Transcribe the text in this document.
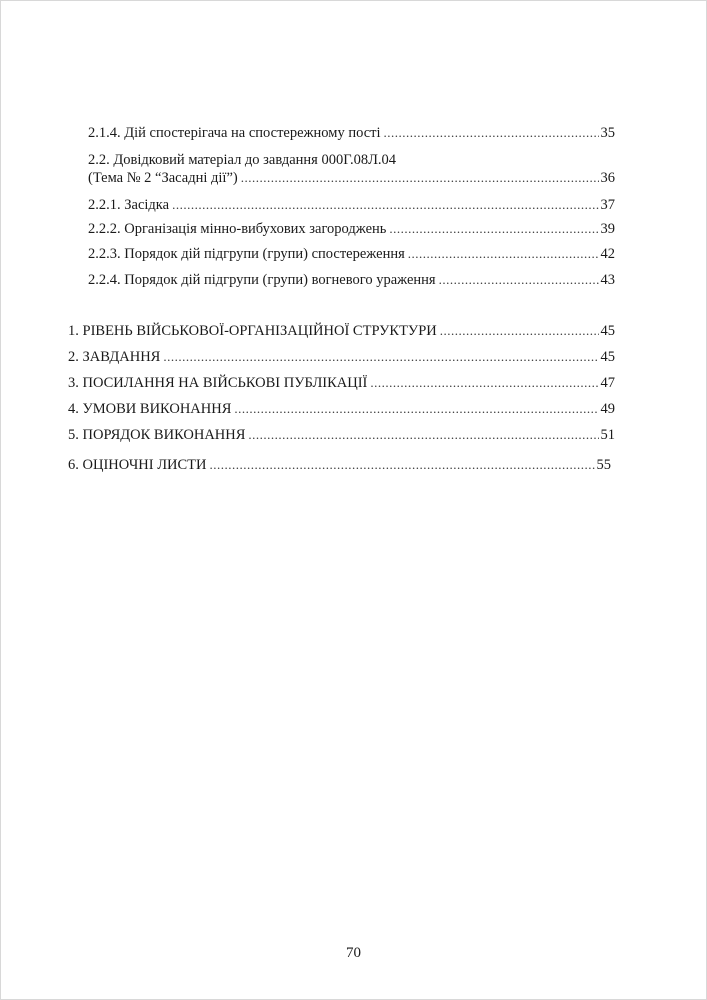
2.1.4. Дій спостерігача на спостережному пості .....	35
2.2. Довідковий матеріал до завдання 000Г.08Л.04
(Тема № 2 “Засадні дії”) .....	36
2.2.1. Засідка .....	37
2.2.2. Організація мінно-вибухових загороджень .....	39
2.2.3. Порядок дій підгрупи (групи) спостереження .....	42
2.2.4. Порядок дій підгрупи (групи) вогневого ураження .....	43
1. РІВЕНЬ ВІЙСЬКОВОЇ-ОРГАНІЗАЦІЙНОЇ СТРУКТУРИ .....	45
2. ЗАВДАННЯ .....	45
3. ПОСИЛАННЯ НА ВІЙСЬКОВІ ПУБЛІКАЦІЇ .....	47
4. УМОВИ ВИКОНАННЯ .....	49
5. ПОРЯДОК ВИКОНАННЯ .....	51
6. ОЦІНОЧНІ ЛИСТИ .....	55
70
